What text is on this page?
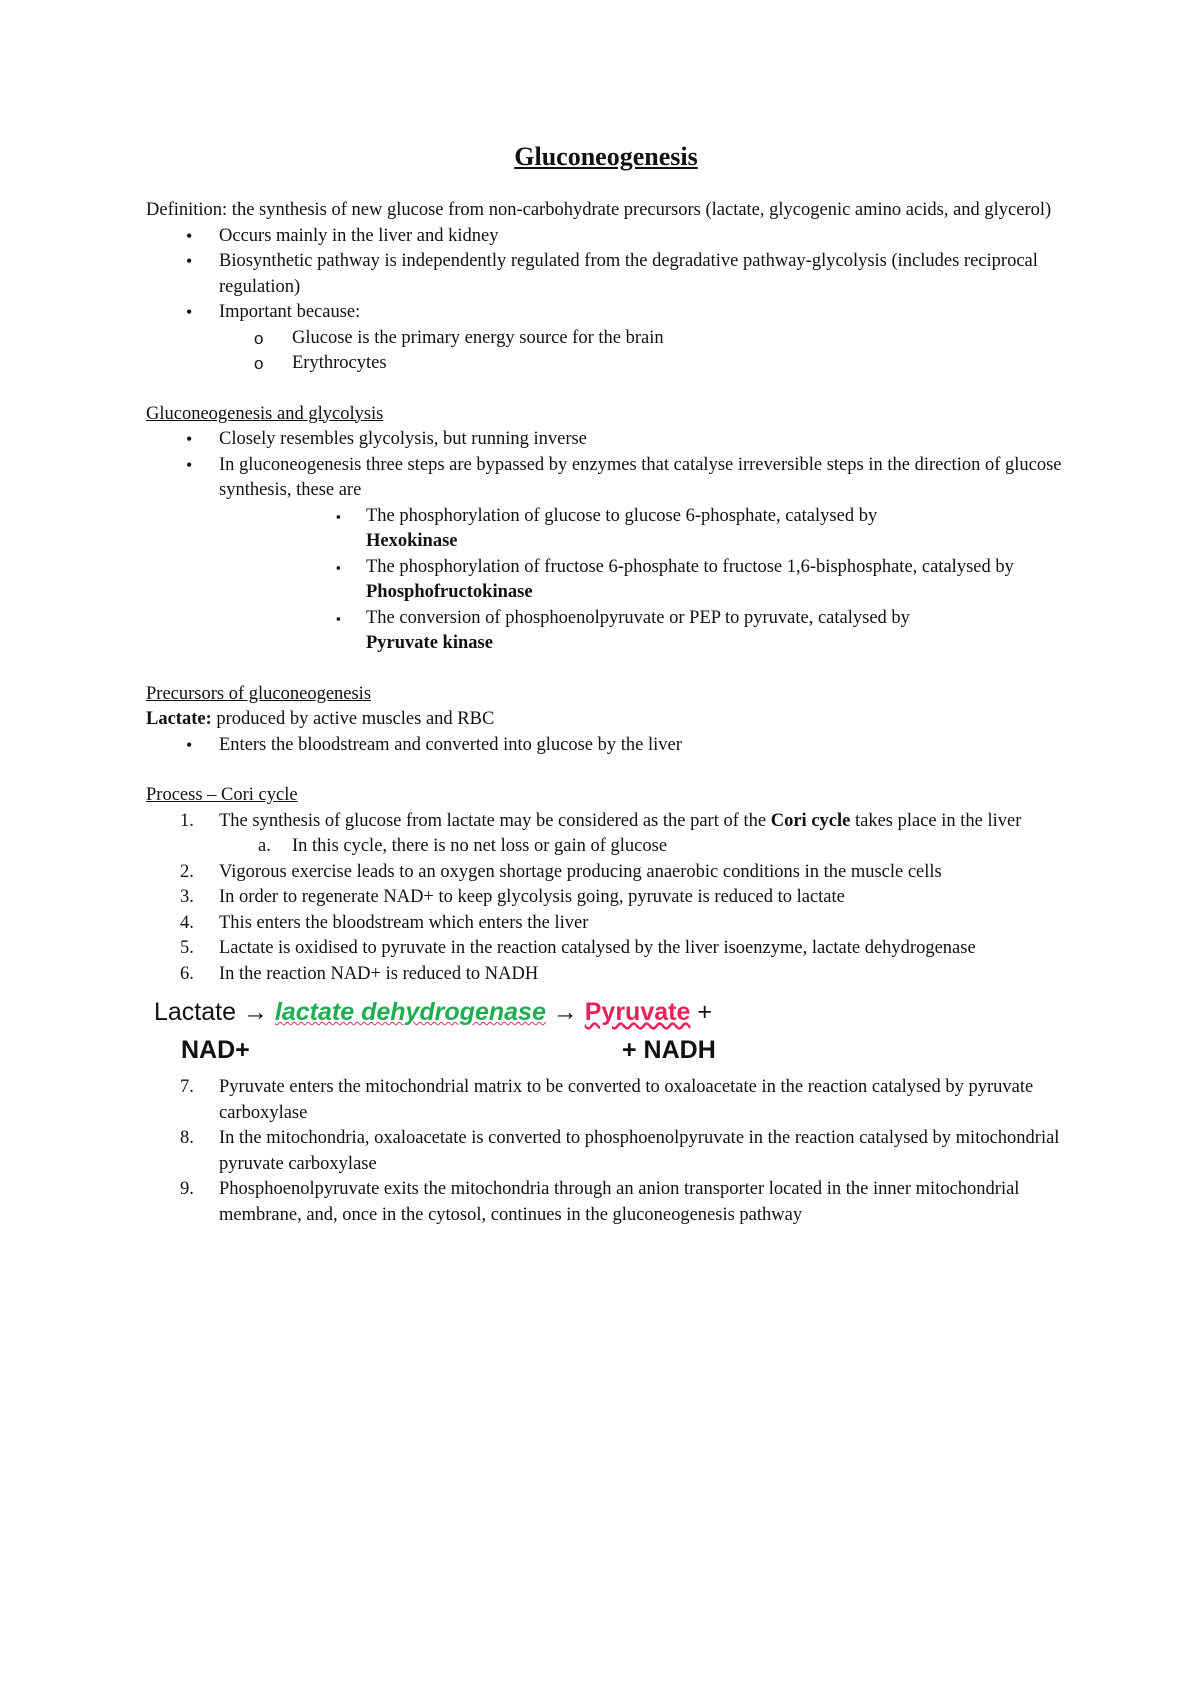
Gluconeogenesis
Definition: the synthesis of new glucose from non-carbohydrate precursors (lactate, glycogenic amino acids, and glycerol)
• Occurs mainly in the liver and kidney
• Biosynthetic pathway is independently regulated from the degradative pathway-glycolysis (includes reciprocal regulation)
• Important because:
o Glucose is the primary energy source for the brain
o Erythrocytes
Gluconeogenesis and glycolysis
• Closely resembles glycolysis, but running inverse
• In gluconeogenesis three steps are bypassed by enzymes that catalyse irreversible steps in the direction of glucose synthesis, these are
▪ The phosphorylation of glucose to glucose 6-phosphate, catalysed by
Hexokinase
▪ The phosphorylation of fructose 6-phosphate to fructose 1,6-bisphosphate, catalysed by Phosphofructokinase
▪ The conversion of phosphoenolpyruvate or PEP to pyruvate, catalysed by
Pyruvate kinase
Precursors of gluconeogenesis
Lactate: produced by active muscles and RBC
• Enters the bloodstream and converted into glucose by the liver
Process – Cori cycle
1. The synthesis of glucose from lactate may be considered as the part of the Cori cycle takes place in the liver
a. In this cycle, there is no net loss or gain of glucose
2. Vigorous exercise leads to an oxygen shortage producing anaerobic conditions in the muscle cells
3. In order to regenerate NAD+ to keep glycolysis going, pyruvate is reduced to lactate
4. This enters the bloodstream which enters the liver
5. Lactate is oxidised to pyruvate in the reaction catalysed by the liver isoenzyme, lactate dehydrogenase
6. In the reaction NAD+ is reduced to NADH
Lactate → lactate dehydrogenase → Pyruvate +
NAD+	+ NADH
7. Pyruvate enters the mitochondrial matrix to be converted to oxaloacetate in the reaction catalysed by pyruvate carboxylase
8. In the mitochondria, oxaloacetate is converted to phosphoenolpyruvate in the reaction catalysed by mitochondrial pyruvate carboxylase
9. Phosphoenolpyruvate exits the mitochondria through an anion transporter located in the inner mitochondrial membrane, and, once in the cytosol, continues in the gluconeogenesis pathway
